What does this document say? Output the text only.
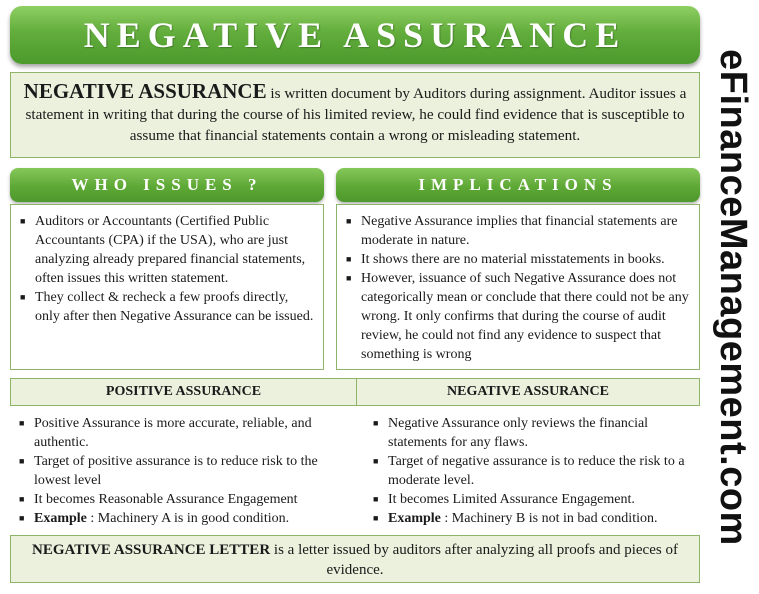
NEGATIVE ASSURANCE
NEGATIVE ASSURANCE is written document by Auditors during assignment. Auditor issues a statement in writing that during the course of his limited review, he could find evidence that is susceptible to assume that financial statements contain a wrong or misleading statement.
WHO ISSUES ?
■ Auditors or Accountants (Certified Public Accountants (CPA) if the USA), who are just analyzing already prepared financial statements, often issues this written statement.
■ They collect & recheck a few proofs directly, only after then Negative Assurance can be issued.
IMPLICATIONS
■ Negative Assurance implies that financial statements are moderate in nature.
■ It shows there are no material misstatements in books.
■ However, issuance of such Negative Assurance does not categorically mean or conclude that there could not be any wrong. It only confirms that during the course of audit review, he could not find any evidence to suspect that something is wrong
POSITIVE ASSURANCE	NEGATIVE ASSURANCE
■ Positive Assurance is more accurate, reliable, and authentic.
■ Target of positive assurance is to reduce risk to the lowest level
■ It becomes Reasonable Assurance Engagement
■ Example : Machinery A is in good condition.
■ Negative Assurance only reviews the financial statements for any flaws.
■ Target of negative assurance is to reduce the risk to a moderate level.
■ It becomes Limited Assurance Engagement.
■ Example : Machinery B is not in bad condition.
NEGATIVE ASSURANCE LETTER is a letter issued by auditors after analyzing all proofs and pieces of evidence.
eFinanceManagement.com
